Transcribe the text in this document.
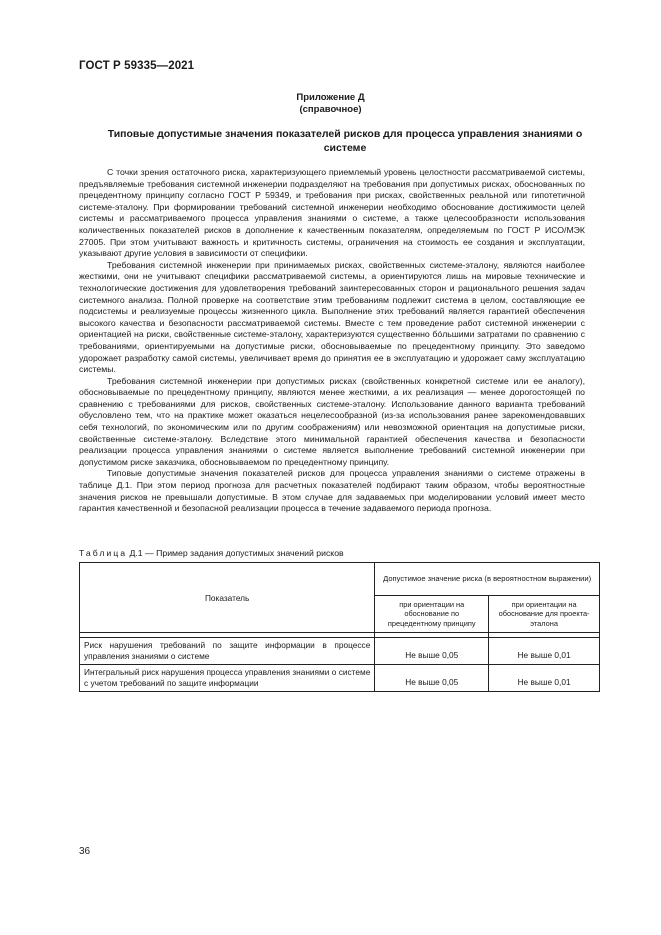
ГОСТ Р 59335—2021
Приложение Д
(справочное)
Типовые допустимые значения показателей рисков для процесса управления знаниями о системе

С точки зрения остаточного риска, характеризующего приемлемый уровень целостности рассматриваемой системы, предъявляемые требования системной инженерии подразделяют на требования при допустимых рисках, обоснованных по прецедентному принципу согласно ГОСТ Р 59349, и требования при рисках, свойственных реальной или гипотетичной системе-эталону. При формировании требований системной инженерии необходимо обоснование достижимости целей системы и рассматриваемого процесса управления знаниями о системе, а также целесообразности использования количественных показателей рисков в дополнение к качественным показателям, определяемым по ГОСТ Р ИСО/МЭК 27005. При этом учитывают важность и критичность системы, ограничения на стоимость ее создания и эксплуатации, указывают другие условия в зависимости от специфики.

Требования системной инженерии при принимаемых рисках, свойственных системе-эталону, являются наиболее жесткими, они не учитывают специфики рассматриваемой системы, а ориентируются лишь на мировые технические и технологические достижения для удовлетворения требований заинтересованных сторон и рационального решения задач системного анализа. Полной проверке на соответствие этим требованиям подлежит система в целом, составляющие ее подсистемы и реализуемые процессы жизненного цикла. Выполнение этих требований является гарантией обеспечения высокого качества и безопасности рассматриваемой системы. Вместе с тем проведение работ системной инженерии с ориентацией на риски, свойственные системе-эталону, характеризуются существенно бóльшими затратами по сравнению с требованиями, ориентируемыми на допустимые риски, обосновываемые по прецедентному принципу. Это заведомо удорожает разработку самой системы, увеличивает время до принятия ее в эксплуатацию и удорожает саму эксплуатацию системы.

Требования системной инженерии при допустимых рисках (свойственных конкретной системе или ее аналогу), обосновываемые по прецедентному принципу, являются менее жесткими, а их реализация — менее дорогостоящей по сравнению с требованиями для рисков, свойственных системе-эталону. Использование данного варианта требований обусловлено тем, что на практике может оказаться нецелесообразной (из-за использования ранее зарекомендовавших себя технологий, по экономическим или по другим соображениям) или невозможной ориентация на допустимые риски, свойственные системе-эталону. Вследствие этого минимальной гарантией обеспечения качества и безопасности реализации процесса управления знаниями о системе является выполнение требований системной инженерии при допустимом риске заказчика, обосновываемом по прецедентному принципу.

Типовые допустимые значения показателей рисков для процесса управления знаниями о системе отражены в таблице Д.1. При этом период прогноза для расчетных показателей подбирают таким образом, чтобы вероятностные значения рисков не превышали допустимые. В этом случае для задаваемых при моделировании условий имеет место гарантия качественной и безопасной реализации процесса в течение задаваемого периода прогноза.

Таблица Д.1 — Пример задания допустимых значений рисков
Показатель	Допустимое значение риска (в вероятностном выражении)	
	при ориентации на обоснование по прецедентному принципу	при ориентации на обоснование для проекта-эталона

Риск нарушения требований по защите информации в процессе управления знаниями о системе	Не выше 0,05	Не выше 0,01
Интегральный риск нарушения процесса управления знаниями о системе с учетом требований по защите информации	Не выше 0,05	Не выше 0,01
36
